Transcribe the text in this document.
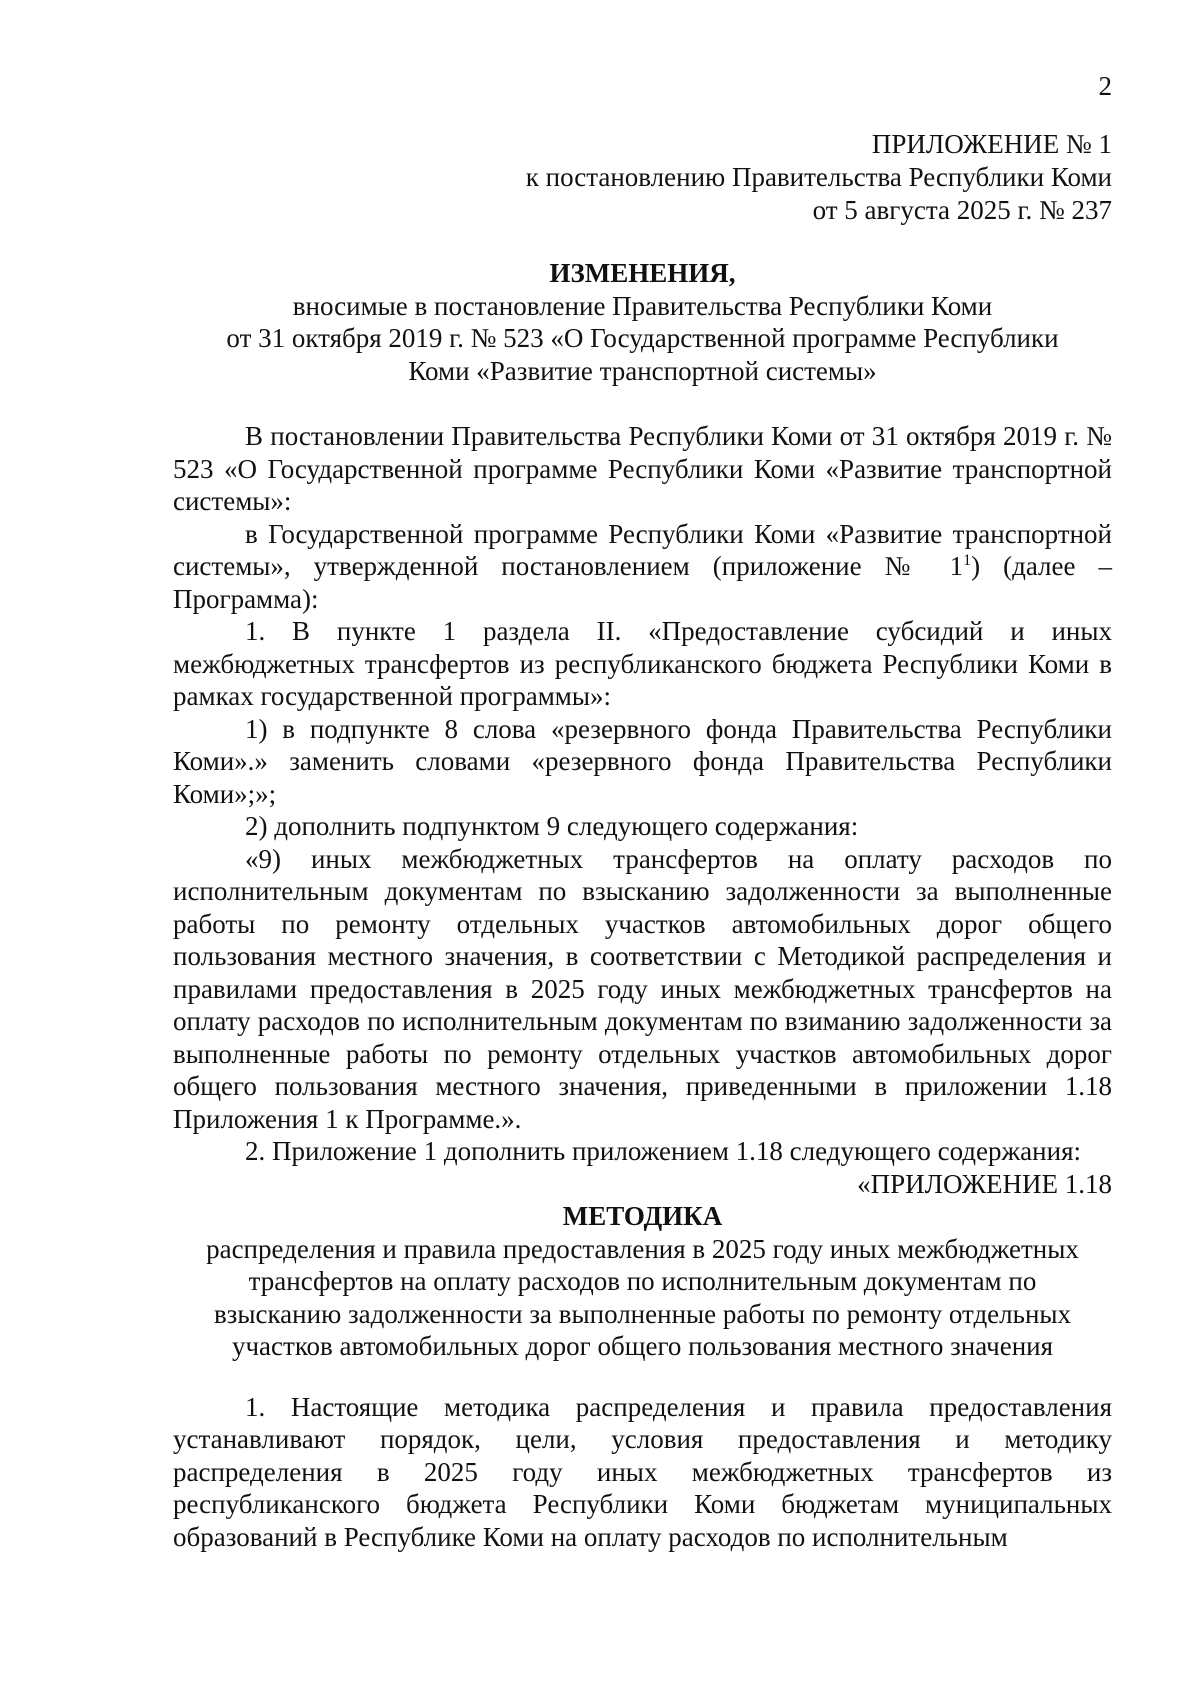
2
ПРИЛОЖЕНИЕ № 1
к постановлению Правительства Республики Коми
от 5 августа 2025 г. № 237
ИЗМЕНЕНИЯ,
вносимые в постановление Правительства Республики Коми
от 31 октября 2019 г. № 523 «О Государственной программе Республики
Коми «Развитие транспортной системы»
В постановлении Правительства Республики Коми от 31 октября 2019 г. № 523 «О Государственной программе Республики Коми «Развитие транспортной системы»:
в Государственной программе Республики Коми «Развитие транспортной системы», утвержденной постановлением (приложение № $1^1$) (далее – Программа):
1. В пункте 1 раздела II. «Предоставление субсидий и иных межбюджетных трансфертов из республиканского бюджета Республики Коми в рамках государственной программы»:
1) в подпункте 8 слова «резервного фонда Правительства Республики Коми».» заменить словами «резервного фонда Правительства Республики Коми»;»;
2) дополнить подпунктом 9 следующего содержания:
«9) иных межбюджетных трансфертов на оплату расходов по исполнительным документам по взысканию задолженности за выполненные работы по ремонту отдельных участков автомобильных дорог общего пользования местного значения, в соответствии с Методикой распределения и правилами предоставления в 2025 году иных межбюджетных трансфертов на оплату расходов по исполнительным документам по взиманию задолженности за выполненные работы по ремонту отдельных участков автомобильных дорог общего пользования местного значения, приведенными в приложении 1.18 Приложения 1 к Программе.».
2. Приложение 1 дополнить приложением 1.18 следующего содержания:
«ПРИЛОЖЕНИЕ 1.18
МЕТОДИКА
распределения и правила предоставления в 2025 году иных межбюджетных
трансфертов на оплату расходов по исполнительным документам по
взысканию задолженности за выполненные работы по ремонту отдельных
участков автомобильных дорог общего пользования местного значения
1. Настоящие методика распределения и правила предоставления устанавливают порядок, цели, условия предоставления и методику распределения в 2025 году иных межбюджетных трансфертов из республиканского бюджета Республики Коми бюджетам муниципальных образований в Республике Коми на оплату расходов по исполнительным
